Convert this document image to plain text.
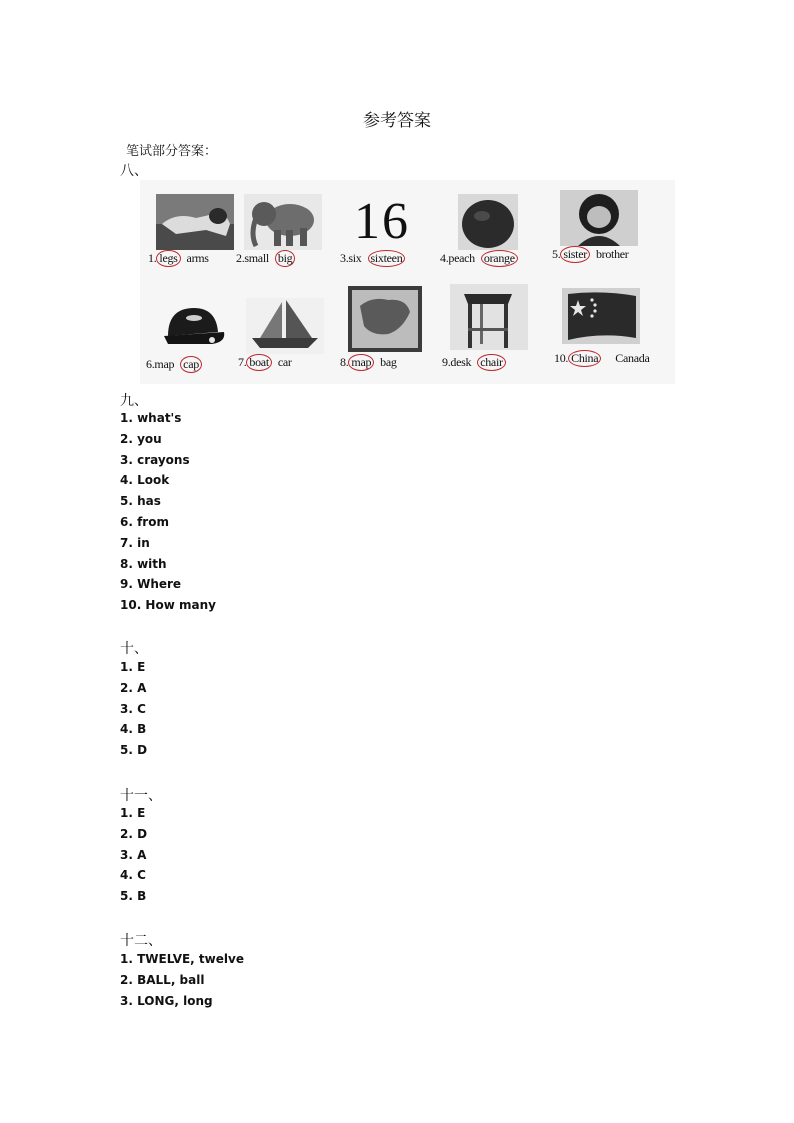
参考答案
笔试部分答案：
八、
1. legs arms 2.small big
16
3.six sixteen	4.peach orange	5. sister brother
6.map cap	7. boat car	8. map bag	9.desk chair	10. China Canada
九、
1. what's
2. you
3. crayons
4. Look
5. has
6. from
7. in
8. with
9. Where
10. How many
十、
1. E
2. A
3. C
4. B
5. D
十一、
1. E
2. D
3. A
4. C
5. B
十二、
1. TWELVE, twelve
2. BALL, ball
3. LONG, long
